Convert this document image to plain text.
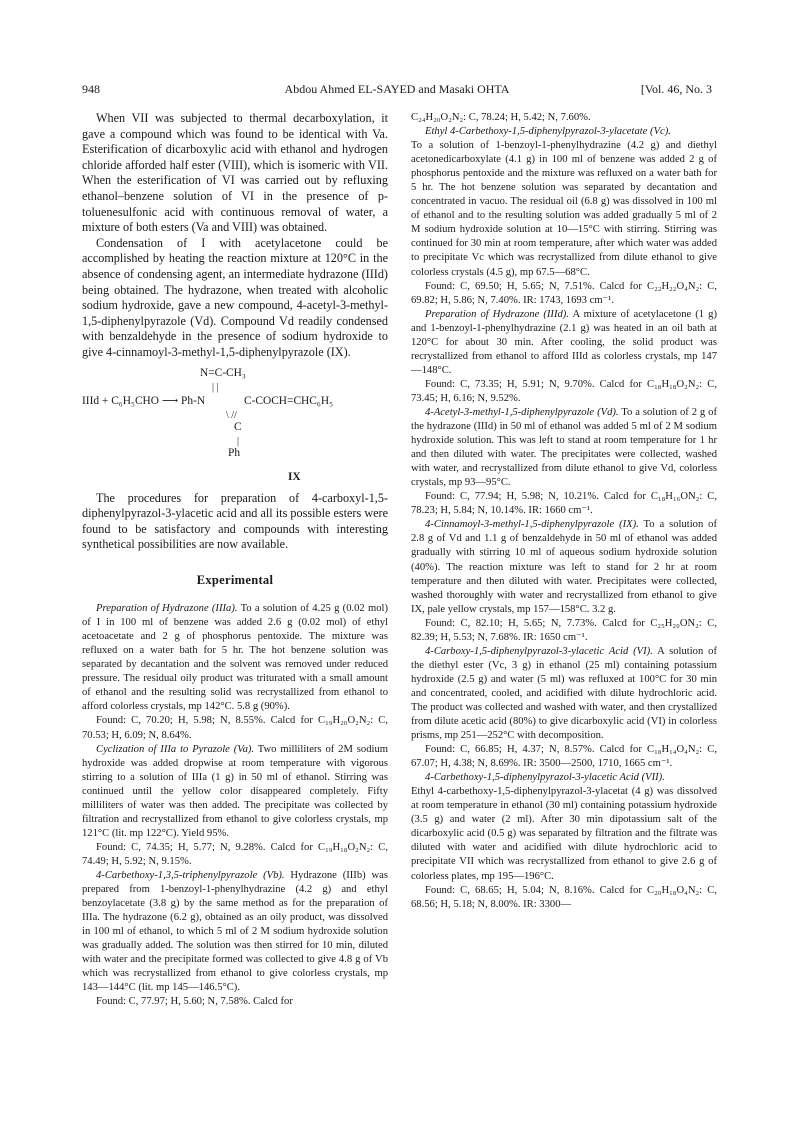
948	Abdou Ahmed EL-SAYED and Masaki OHTA	[Vol. 46, No. 3

When VII was subjected to thermal decarboxylation, it gave a compound which was found to be identical with Va. Esterification of dicarboxylic acid with ethanol and hydrogen chloride afforded half ester (VIII), which is isomeric with VII. When the esterification of VI was carried out by refluxing ethanol–benzene solution of VI in the presence of p-toluenesulfonic acid with continuous removal of water, a mixture of both esters (Va and VIII) was obtained.

Condensation of I with acetylacetone could be accomplished by heating the reaction mixture at 120°C in the absence of condensing agent, an intermediate hydrazone (IIId) being obtained. The hydrazone, when treated with alcoholic sodium hydroxide, gave a new compound, 4-acetyl-3-methyl-1,5-diphenylpyrazole (Vd). Compound Vd readily condensed with benzaldehyde in the presence of sodium hydroxide to give 4-cinnamoyl-3-methyl-1,5-diphenylpyrazole (IX).

N=C-CH₃
| |
IIId + C₆H₅CHO ⟶ Ph-N	C-COCH=CHC₆H₅
\ //
C
|
Ph
IX

The procedures for preparation of 4-carboxyl-1,5-diphenylpyrazol-3-ylacetic acid and all its possible esters were found to be satisfactory and compounds with interesting synthetical possibilities are now available.

Experimental

Preparation of Hydrazone (IIIa). To a solution of 4.25 g (0.02 mol) of I in 100 ml of benzene was added 2.6 g (0.02 mol) of ethyl acetoacetate and 2 g of phosphorus pentoxide. The mixture was refluxed on a water bath for 5 hr. The hot benzene solution was separated by decantation and the solvent was removed under reduced pressure. The residual oily product was triturated with a small amount of ethanol and the resulting solid was recrystallized from ethanol to afford colorless crystals, mp 142°C. 5.8 g (90%).

Found: C, 70.20; H, 5.98; N, 8.55%. Calcd for C₁₉H₂₀O₂N₂: C, 70.53; H, 6.09; N, 8.64%.

Cyclization of IIIa to Pyrazole (Va). Two milliliters of 2M sodium hydroxide was added dropwise at room temperature with vigorous stirring to a solution of IIIa (1 g) in 50 ml of ethanol. Stirring was continued until the yellow color disappeared completely. Fifty milliliters of water was then added. The precipitate was collected by filtration and recrystallized from ethanol to give colorless crystals, mp 121°C (lit. mp 122°C). Yield 95%.

Found: C, 74.35; H, 5.77; N, 9.28%. Calcd for C₁₉H₁₈O₂N₂: C, 74.49; H, 5.92; N, 9.15%.

4-Carbethoxy-1,3,5-triphenylpyrazole (Vb). Hydrazone (IIIb) was prepared from 1-benzoyl-1-phenylhydrazine (4.2 g) and ethyl benzoylacetate (3.8 g) by the same method as for the preparation of IIIa. The hydrazone (6.2 g), obtained as an oily product, was dissolved in 100 ml of ethanol, to which 5 ml of 2 M sodium hydroxide solution was gradually added. The solution was then stirred for 10 min, diluted with water and the precipitate formed was collected to give 4.8 g of Vb which was recrystallized from ethanol to give colorless crystals, mp 143—144°C (lit. mp 145—146.5°C).

Found: C, 77.97; H, 5.60; N, 7.58%. Calcd for

C₂₄H₂₀O₂N₂: C, 78.24; H, 5.42; N, 7.60%.

Ethyl 4-Carbethoxy-1,5-diphenylpyrazol-3-ylacetate (Vc).

To a solution of 1-benzoyl-1-phenylhydrazine (4.2 g) and diethyl acetonedicarboxylate (4.1 g) in 100 ml of benzene was added 2 g of phosphorus pentoxide and the mixture was refluxed on a water bath for 5 hr. The hot benzene solution was separated by decantation and concentrated in vacuo. The residual oil (6.8 g) was dissolved in 100 ml of ethanol and to the resulting solution was added gradually 5 ml of 2 M sodium hydroxide solution at 10—15°C with stirring. Stirring was continued for 30 min at room temperature, after which water was added to precipitate Vc which was recrystallized from dilute ethanol to give colorless crystals (4.5 g), mp 67.5—68°C.

Found: C, 69.50; H, 5.65; N, 7.51%. Calcd for C₂₂H₂₂O₄N₂: C, 69.82; H, 5.86; N, 7.40%. IR: 1743, 1693 cm⁻¹.

Preparation of Hydrazone (IIId). A mixture of acetylacetone (1 g) and 1-benzoyl-1-phenylhydrazine (2.1 g) was heated in an oil bath at 120°C for about 30 min. After cooling, the solid product was recrystallized from ethanol to afford IIId as colorless crystals, mp 147—148°C.

Found: C, 73.35; H, 5.91; N, 9.70%. Calcd for C₁₈H₁₈O₂N₂: C, 73.45; H, 6.16; N, 9.52%.

4-Acetyl-3-methyl-1,5-diphenylpyrazole (Vd). To a solution of 2 g of the hydrazone (IIId) in 50 ml of ethanol was added 5 ml of 2 M sodium hydroxide solution. This was left to stand at room temperature for 1 hr and then diluted with water. The precipitates were collected, washed with water, and recrystallized from dilute ethanol to give Vd, colorless crystals, mp 93—95°C.

Found: C, 77.94; H, 5.98; N, 10.21%. Calcd for C₁₈H₁₆ON₂: C, 78.23; H, 5.84; N, 10.14%. IR: 1660 cm⁻¹.

4-Cinnamoyl-3-methyl-1,5-diphenylpyrazole (IX). To a solution of 2.8 g of Vd and 1.1 g of benzaldehyde in 50 ml of ethanol was added gradually with stirring 10 ml of aqueous sodium hydroxide solution (40%). The reaction mixture was left to stand for 2 hr at room temperature and then diluted with water. Precipitates were collected, washed thoroughly with water and recrystallized from ethanol to give IX, pale yellow crystals, mp 157—158°C. 3.2 g.

Found: C, 82.10; H, 5.65; N, 7.73%. Calcd for C₂₅H₂₀ON₂: C, 82.39; H, 5.53; N, 7.68%. IR: 1650 cm⁻¹.

4-Carboxy-1,5-diphenylpyrazol-3-ylacetic Acid (VI). A solution of the diethyl ester (Vc, 3 g) in ethanol (25 ml) containing potassium hydroxide (2.5 g) and water (5 ml) was refluxed at 100°C for 30 min and concentrated, cooled, and acidified with dilute hydrochloric acid. The product was collected and washed with water, and then crystallized from dilute acetic acid (80%) to give dicarboxylic acid (VI) in colorless prisms, mp 251—252°C with decomposition.

Found: C, 66.85; H, 4.37; N, 8.57%. Calcd for C₁₈H₁₄O₄N₂: C, 67.07; H, 4.38; N, 8.69%. IR: 3500—2500, 1710, 1665 cm⁻¹.

4-Carbethoxy-1,5-diphenylpyrazol-3-ylacetic Acid (VII).

Ethyl 4-carbethoxy-1,5-diphenylpyrazol-3-ylacetat (4 g) was dissolved at room temperature in ethanol (30 ml) containing potassium hydroxide (3.5 g) and water (2 ml). After 30 min dipotassium salt of the dicarboxylic acid (0.5 g) was separated by filtration and the filtrate was diluted with water and acidified with dilute hydrochloric acid to precipitate VII which was recrystallized from ethanol to give 2.6 g of colorless plates, mp 195—196°C.

Found: C, 68.65; H, 5.04; N, 8.16%. Calcd for C₂₀H₁₈O₄N₂: C, 68.56; H, 5.18; N, 8.00%. IR: 3300—
